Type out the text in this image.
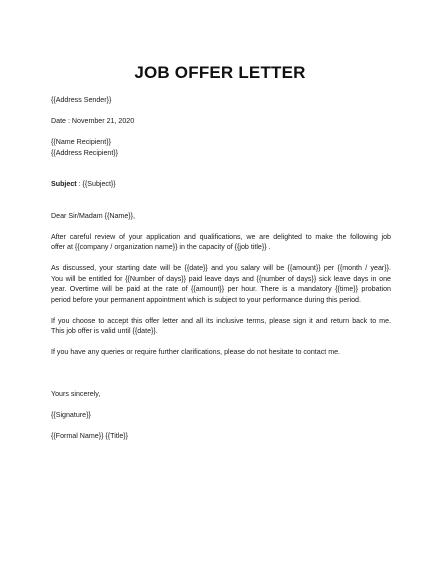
JOB OFFER LETTER
{{Address Sender}}
Date : November 21, 2020
{{Name Recipient}}
{{Address Recipient}}
Subject : {{Subject}}
Dear Sir/Madam {{Name}},
After careful review of your application and qualifications, we are delighted to make the following job
offer at {{company / organization name}} in the capacity of {{job title}} .
As discussed, your starting date will be {{date}} and you salary will be {{amount}} per {{month / year}}.
You will be entitled for {{Number of days}} paid leave days and {{number of days}} sick leave days in one
year. Overtime will be paid at the rate of {{amount}} per hour. There is a mandatory {{time}} probation
period before your permanent appointment which is subject to your performance during this period.
If you choose to accept this offer letter and all its inclusive terms, please sign it and return back to me.
This job offer is valid until {{date}}.
If you have any queries or require further clarifications, please do not hesitate to contact me.
Yours sincerely,
{{Signature}}
{{Formal Name}} {{Title}}
